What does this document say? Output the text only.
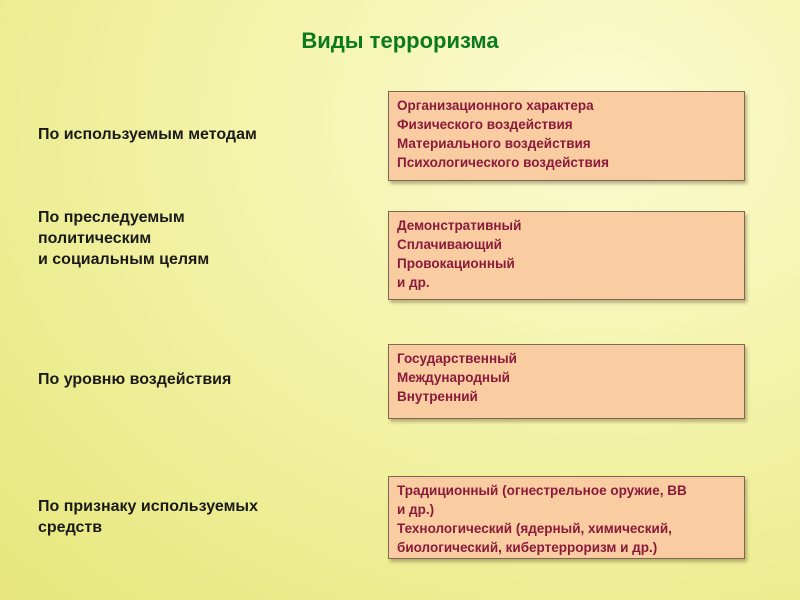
Виды терроризма
По используемым методам
Организационного характера
Физического воздействия
Материального воздействия
Психологического воздействия
По преследуемым
политическим
и социальным целям
Демонстративный
Сплачивающий
Провокационный
и др.
По уровню воздействия
Государственный
Международный
Внутренний
По признаку используемых
средств
Традиционный (огнестрельное оружие, ВВ
и др.)
Технологический (ядерный, химический,
биологический, кибертерроризм и др.)
